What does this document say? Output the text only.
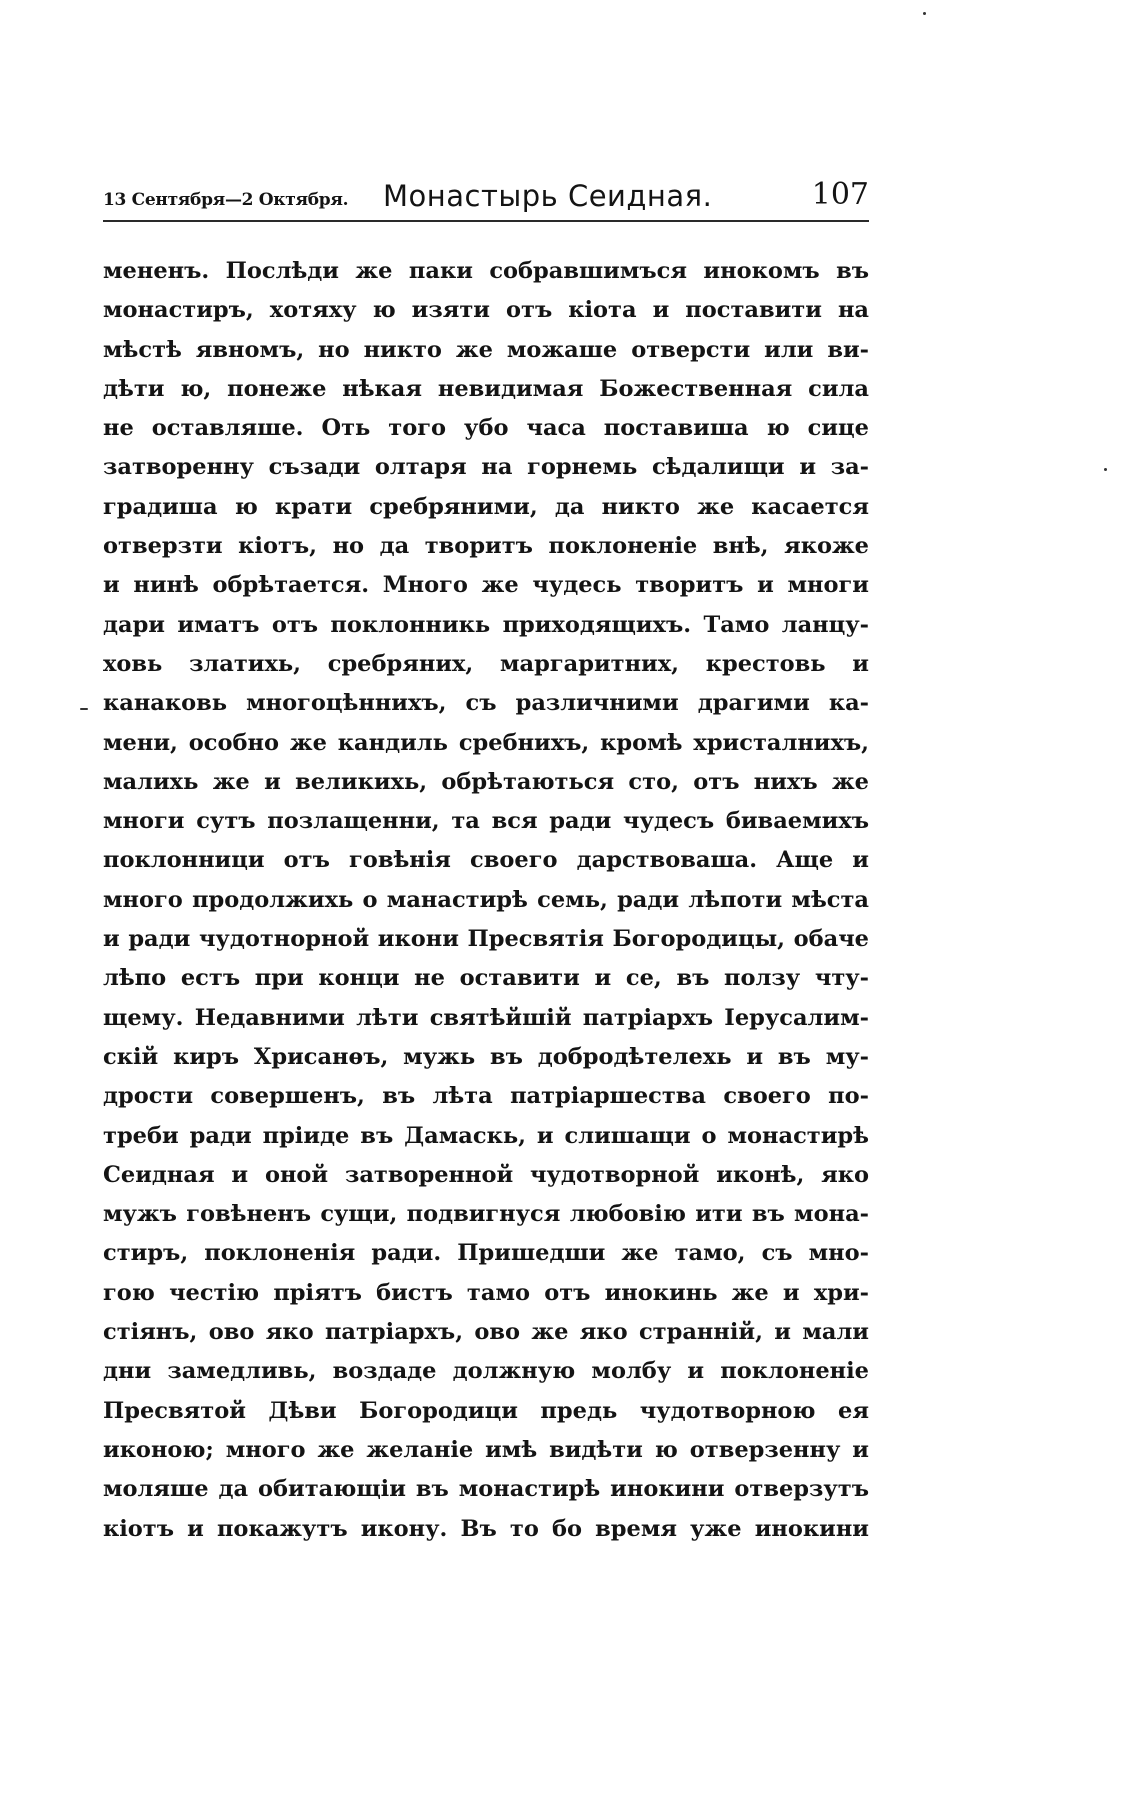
13 Сентября—2 Октября. Монастырь Сеидная.	107
мененъ. Послѣди же паки собравшимъся инокомъ въ
монастиръ, хотяху ю изяти отъ кіота и поставити на
мѣстѣ явномъ, но никто же можаше отверсти или ви-
дѣти ю, понеже нѣкая невидимая Божественная сила
не оставляше. Оть того убо часа поставиша ю сице
затворенну съзади олтаря на горнемь сѣдалищи и за-
градиша ю крати сребряними, да никто же касается
отверзти кіотъ, но да творитъ поклоненіе внѣ, якоже
и нинѣ обрѣтается. Много же чудесь творитъ и многи
дари иматъ отъ поклонникь приходящихъ. Тамо ланцу-
ховь златихь, сребряних, маргаритних, крестовь и
канаковь многоцѣннихъ, съ различними драгими ка-
мени, особно же кандиль сребнихъ, кромѣ христалнихъ,
малихь же и великихь, обрѣтаються сто, отъ нихъ же
многи сутъ позлащенни, та вся ради чудесъ биваемихъ
поклонници отъ говѣнія своего дарствоваша. Аще и
много продолжихь о манастирѣ семь, ради лѣпоти мѣста
и ради чудотнорной икони Пресвятія Богородицы, обаче
лѣпо естъ при конци не оставити и се, въ ползу чту-
щему. Недавними лѣти святѣйшій патріархъ Іерусалим-
скій киръ Хрисанѳъ, мужь въ добродѣтелехь и въ му-
дрости совершенъ, въ лѣта патріаршества своего по-
треби ради пріиде въ Дамаскь, и слишащи о монастирѣ
Сеидная и оной затворенной чудотворной иконѣ, яко
мужъ говѣненъ сущи, подвигнуся любовію ити въ мона-
стиръ, поклоненія ради. Пришедши же тамо, съ мно-
гою честію пріятъ бистъ тамо отъ инокинь же и хри-
стіянъ, ово яко патріархъ, ово же яко странній, и мали
дни замедливь, воздаде должную молбу и поклоненіе
Пресвятой Дѣви Богородици предь чудотворною ея
иконою; много же желаніе имѣ видѣти ю отверзенну и
моляше да обитающіи въ монастирѣ инокини отверзутъ
кіотъ и покажутъ икону. Въ то бо время уже инокини
